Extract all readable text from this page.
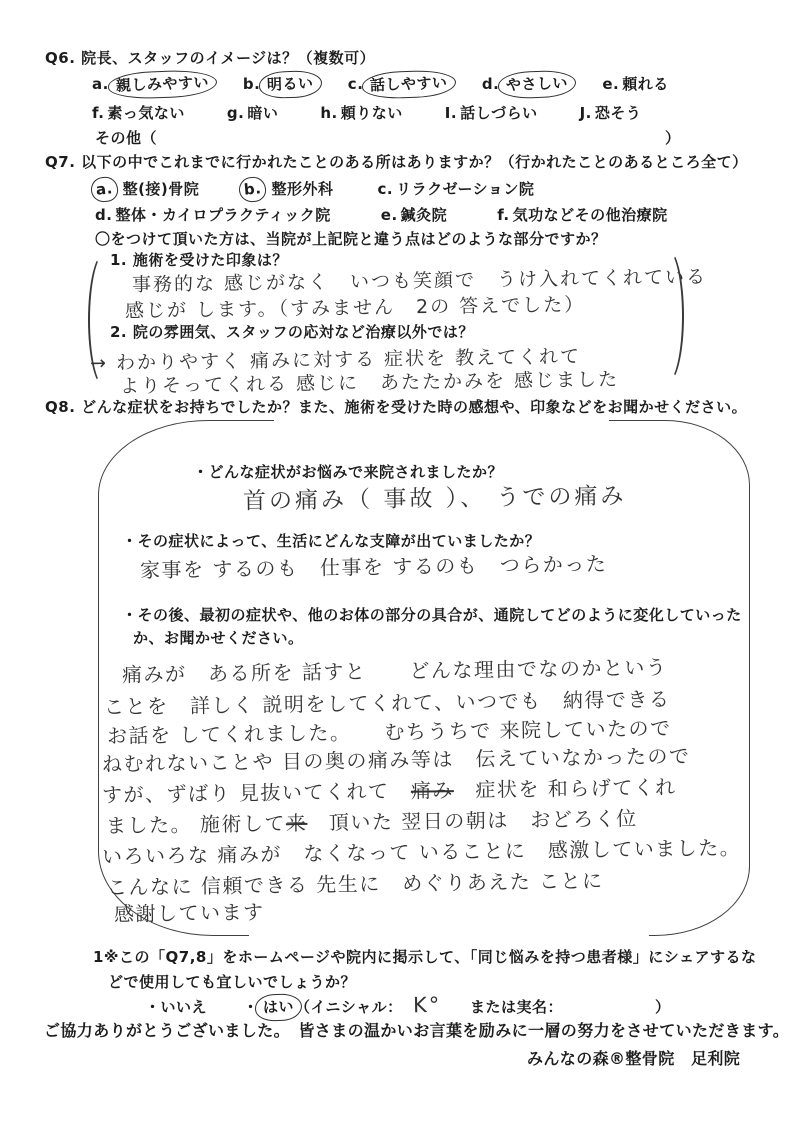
Q6. 院長、スタッフのイメージは？（複数可）
a. 親しみやすい b. 明るい c. 話しやすい d. やさしい e. 頼れる
f. 素っ気ない	g. 暗い	h. 頼りない	I. 話しづらい	J. 恐そう
その他（	）
Q7. 以下の中でこれまでに行かれたことのある所はありますか？（行かれたことのあるところ全て）
a. 整(接)骨院	b. 整形外科	c. リラクゼーション院
d. 整体・カイロプラクティック院	e. 鍼灸院	f. 気功などその他治療院
〇をつけて頂いた方は、当院が上記院と違う点はどのような部分ですか？
1. 施術を受けた印象は？
事務的な 感じがなく　いつも笑顔で　うけ入れてくれている
感じが します。（すみません　2の 答えでした）
2. 院の雰囲気、スタッフの応対など治療以外では？
→ わかりやすく 痛みに対する 症状を 教えてくれて
よりそってくれる 感じに　あたたかみを 感じました
Q8. どんな症状をお持ちでしたか？また、施術を受けた時の感想や、印象などをお聞かせください。
・どんな症状がお悩みで来院されましたか？
首の痛み（ 事故 ）、 うでの痛み
・その症状によって、生活にどんな支障が出ていましたか？
家事を するのも　仕事を するのも　つらかった
・その後、最初の症状や、他のお体の部分の具合が、通院してどのように変化していった
か、お聞かせください。
痛みが　ある所を 話すと　　どんな理由でなのかという
ことを　詳しく 説明をしてくれて、いつでも　納得できる
お話を してくれました。　　むちうちで 来院していたので
ねむれないことや 目の奥の痛み等は　伝えていなかったので
すが、ずばり 見抜いてくれて　痛み　症状を 和らげてくれ
ました。 施術して来　頂いた 翌日の朝は　おどろく位
いろいろな 痛みが　なくなって いることに　感激していました。
こんなに 信頼できる 先生に　めぐりあえた ことに
感謝しています
1※この「Q7,8」をホームページや院内に掲示して、「同じ悩みを持つ患者様」にシェアするな
どで使用しても宜しいでしょうか？
・いいえ ・ はい （イニシャル： K° または実名：	）
ご協力ありがとうございました。　皆さまの温かいお言葉を励みに一層の努力をさせていただきます。
みんなの森®整骨院　足利院
